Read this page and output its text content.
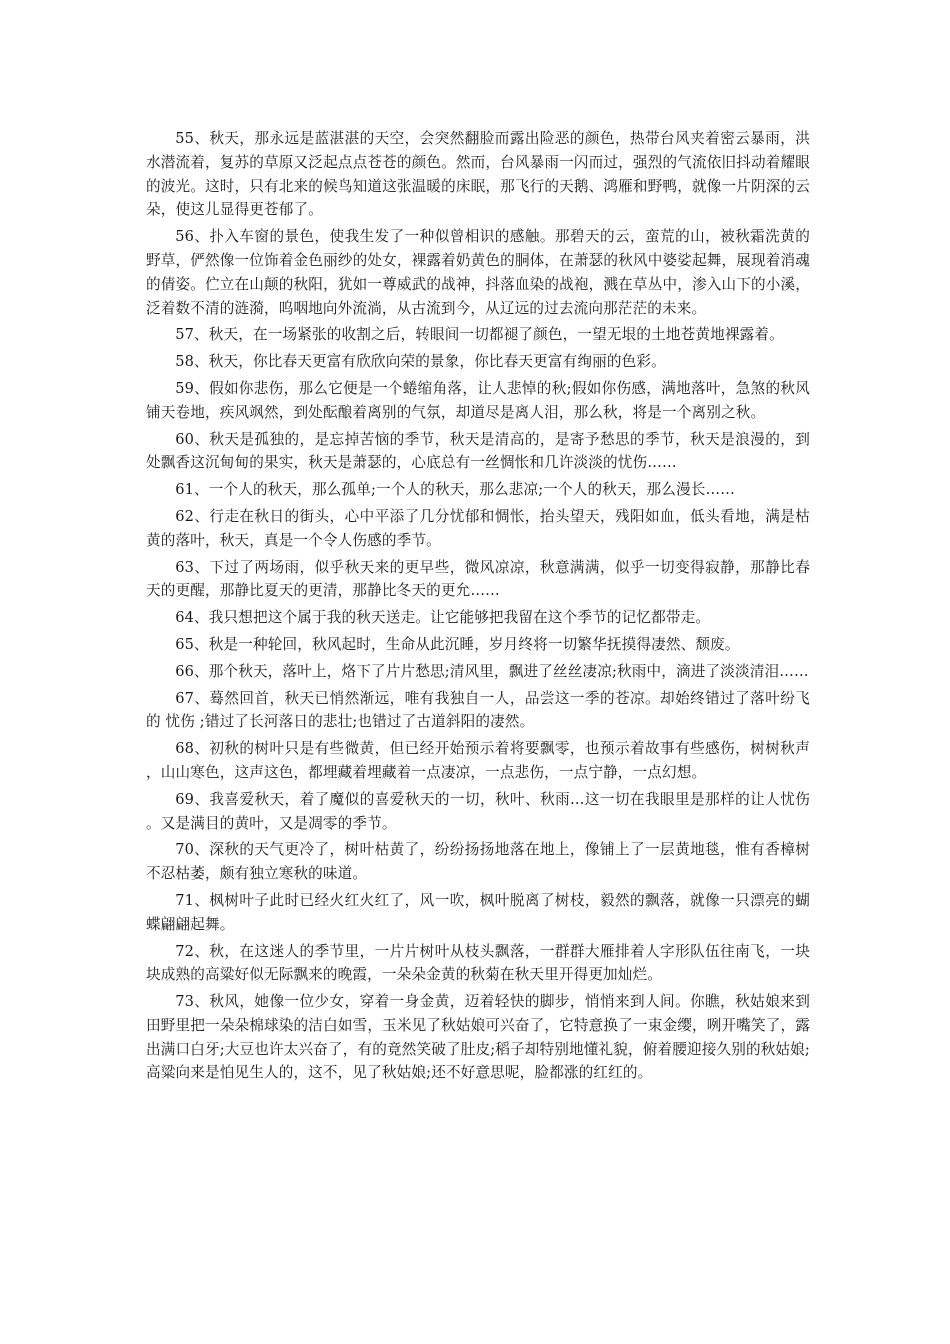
55、秋天，那永远是蓝湛湛的天空，会突然翻脸而露出险恶的颜色，热带台风夹着密云暴雨，洪水潜流着，复苏的草原又泛起点点苍苍的颜色。然而，台风暴雨一闪而过，强烈的气流依旧抖动着耀眼的波光。这时，只有北来的候鸟知道这张温暖的床眠，那飞行的天鹅、鸿雁和野鸭，就像一片阴深的云朵，使这儿显得更苍郁了。

56、扑入车窗的景色，使我生发了一种似曾相识的感触。那碧天的云，蛮荒的山，被秋霜洗黄的野草，俨然像一位饰着金色丽纱的处女，裸露着奶黄色的胴体，在萧瑟的秋风中婆娑起舞，展现着消魂的倩姿。伫立在山颠的秋阳，犹如一尊威武的战神，抖落血染的战袍，溅在草丛中，渗入山下的小溪，泛着数不清的涟漪，呜咽地向外流淌，从古流到今，从辽远的过去流向那茫茫的未来。

57、秋天，在一场紧张的收割之后，转眼间一切都褪了颜色，一望无垠的土地苍黄地裸露着。

58、秋天，你比春天更富有欣欣向荣的景象，你比春天更富有绚丽的色彩。

59、假如你悲伤，那么它便是一个蜷缩角落，让人悲悼的秋;假如你伤感，满地落叶，急煞的秋风铺天卷地，疾风飒然，到处酝酿着离别的气氛，却道尽是离人泪，那么秋，将是一个离别之秋。

60、秋天是孤独的，是忘掉苦恼的季节，秋天是清高的，是寄予愁思的季节，秋天是浪漫的，到处飘香这沉甸甸的果实，秋天是萧瑟的，心底总有一丝惆怅和几许淡淡的忧伤……

61、一个人的秋天，那么孤单;一个人的秋天，那么悲凉;一个人的秋天，那么漫长……

62、行走在秋日的街头，心中平添了几分忧郁和惆怅，抬头望天，残阳如血，低头看地，满是枯黄的落叶，秋天，真是一个令人伤感的季节。

63、下过了两场雨，似乎秋天来的更早些，微风凉凉，秋意满满，似乎一切变得寂静，那静比春天的更醒，那静比夏天的更清，那静比冬天的更允……

64、我只想把这个属于我的秋天送走。让它能够把我留在这个季节的记忆都带走。

65、秋是一种轮回，秋风起时，生命从此沉睡，岁月终将一切繁华抚摸得凄然、颓废。

66、那个秋天，落叶上，烙下了片片愁思;清风里，飘进了丝丝凄凉;秋雨中，滴进了淡淡清泪……

67、蓦然回首，秋天已悄然渐远，唯有我独自一人，品尝这一季的苍凉。却始终错过了落叶纷飞的 忧伤 ;错过了长河落日的悲壮;也错过了古道斜阳的凄然。

68、初秋的树叶只是有些微黄，但已经开始预示着将要飘零，也预示着故事有些感伤，树树秋声，山山寒色，这声这色，都埋藏着埋藏着一点凄凉，一点悲伤，一点宁静，一点幻想。

69、我喜爱秋天，着了魔似的喜爱秋天的一切，秋叶、秋雨...这一切在我眼里是那样的让人忧伤。又是满目的黄叶，又是凋零的季节。

70、深秋的天气更冷了，树叶枯黄了，纷纷扬扬地落在地上，像铺上了一层黄地毯，惟有香樟树不忍枯萎，颇有独立寒秋的味道。

71、枫树叶子此时已经火红火红了，风一吹，枫叶脱离了树枝，毅然的飘落，就像一只漂亮的蝴蝶翩翩起舞。

72、秋，在这迷人的季节里，一片片树叶从枝头飘落，一群群大雁排着人字形队伍往南飞，一块块成熟的高粱好似无际飘来的晚霞，一朵朵金黄的秋菊在秋天里开得更加灿烂。

73、秋风，她像一位少女，穿着一身金黄，迈着轻快的脚步，悄悄来到人间。你瞧，秋姑娘来到田野里把一朵朵棉球染的洁白如雪，玉米见了秋姑娘可兴奋了，它特意换了一束金缨，咧开嘴笑了，露出满口白牙;大豆也许太兴奋了，有的竟然笑破了肚皮;稻子却特别地懂礼貌，俯着腰迎接久别的秋姑娘;高粱向来是怕见生人的，这不，见了秋姑娘;还不好意思呢，脸都涨的红红的。
